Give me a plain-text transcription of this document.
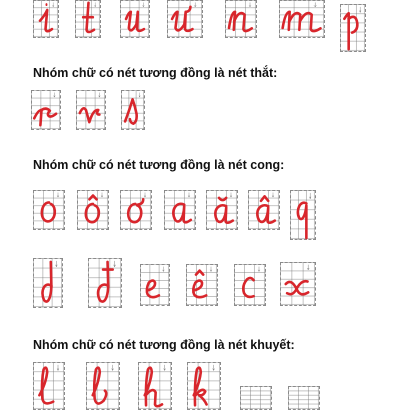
Nhóm chữ có nét tương đồng là nét thắt:
Nhóm chữ có nét tương đồng là nét cong:
Nhóm chữ có nét tương đồng là nét khuyết:
